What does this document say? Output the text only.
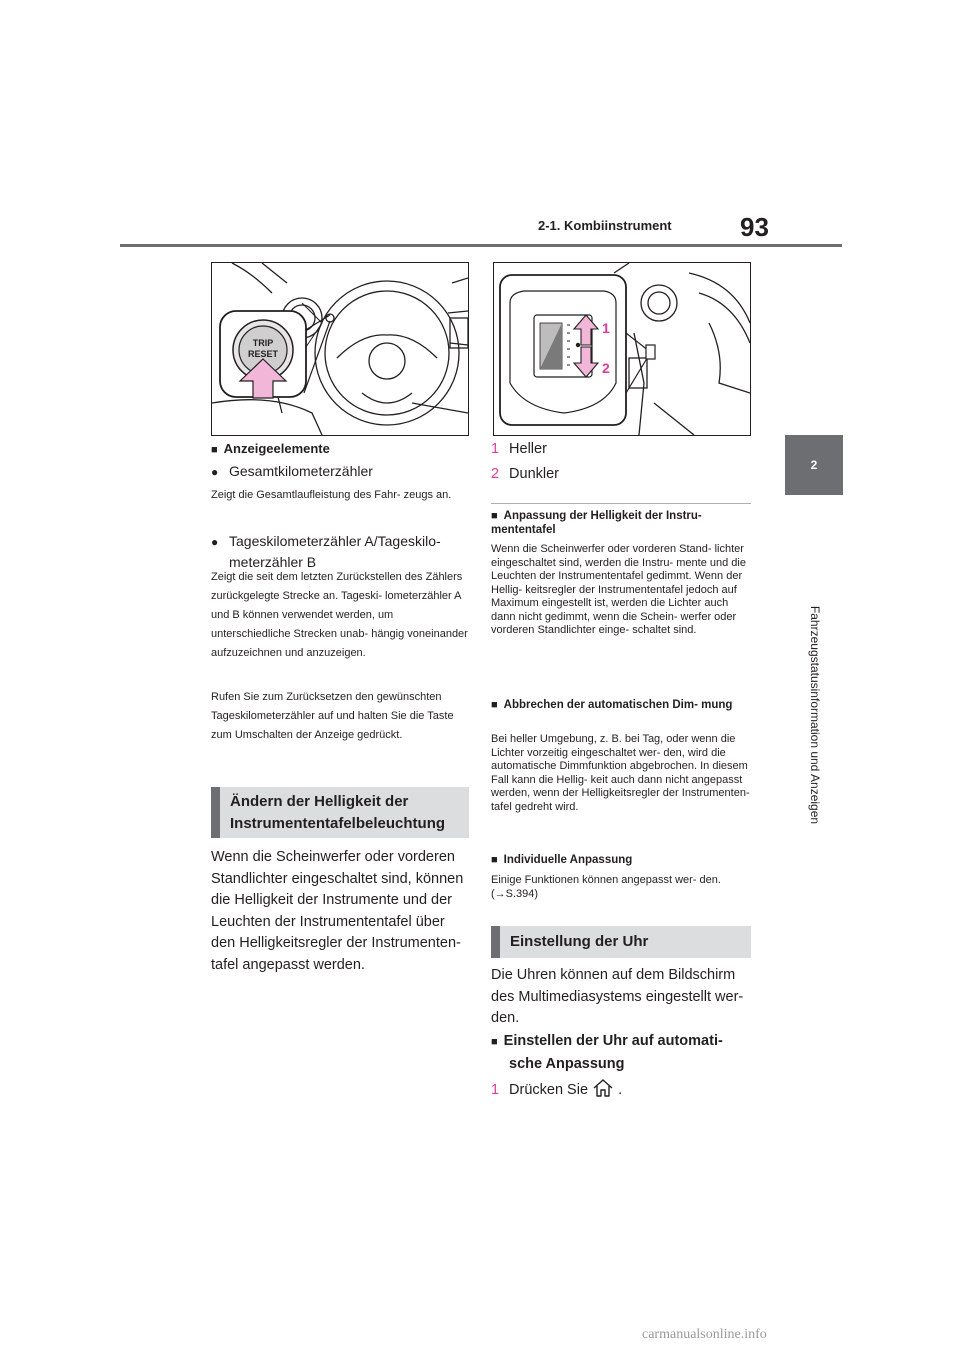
93
2-1. Kombiinstrument
2
Fahrzeugstatusinformation und Anzeigen
TRIP
RESET
1
2
■ Anzeigeelemente
● Gesamtkilometerzähler
Zeigt die Gesamtlaufleistung des Fahr- zeugs an.
● Tageskilometerzähler A/Tageskilo- meterzähler B
Zeigt die seit dem letzten Zurückstellen des Zählers zurückgelegte Strecke an. Tageski- lometerzähler A und B können verwendet werden, um unterschiedliche Strecken unab- hängig voneinander aufzuzeichnen und anzuzeigen.
Rufen Sie zum Zurücksetzen den gewünschten Tageskilometerzähler auf und halten Sie die Taste zum Umschalten der Anzeige gedrückt.
Ändern der Helligkeit der Instrumententafelbeleuchtung
Wenn die Scheinwerfer oder vorderen Standlichter eingeschaltet sind, können die Helligkeit der Instrumente und der Leuchten der Instrumententafel über den Helligkeitsregler der Instrumenten- tafel angepasst werden.
1 Heller
2 Dunkler
■ Anpassung der Helligkeit der Instru- mententafel
Wenn die Scheinwerfer oder vorderen Stand- lichter eingeschaltet sind, werden die Instru- mente und die Leuchten der Instrumententafel gedimmt. Wenn der Hellig- keitsregler der Instrumententafel jedoch auf Maximum eingestellt ist, werden die Lichter auch dann nicht gedimmt, wenn die Schein- werfer oder vorderen Standlichter einge- schaltet sind.
■ Abbrechen der automatischen Dim- mung
Bei heller Umgebung, z. B. bei Tag, oder wenn die Lichter vorzeitig eingeschaltet wer- den, wird die automatische Dimmfunktion abgebrochen. In diesem Fall kann die Hellig- keit auch dann nicht angepasst werden, wenn der Helligkeitsregler der Instrumenten- tafel gedreht wird.
■ Individuelle Anpassung
Einige Funktionen können angepasst wer- den. (→S.394)
Einstellung der Uhr
Die Uhren können auf dem Bildschirm des Multimediasystems eingestellt wer- den.
■ Einstellen der Uhr auf automati- sche Anpassung
1 Drücken Sie .
carmanualsonline.info
